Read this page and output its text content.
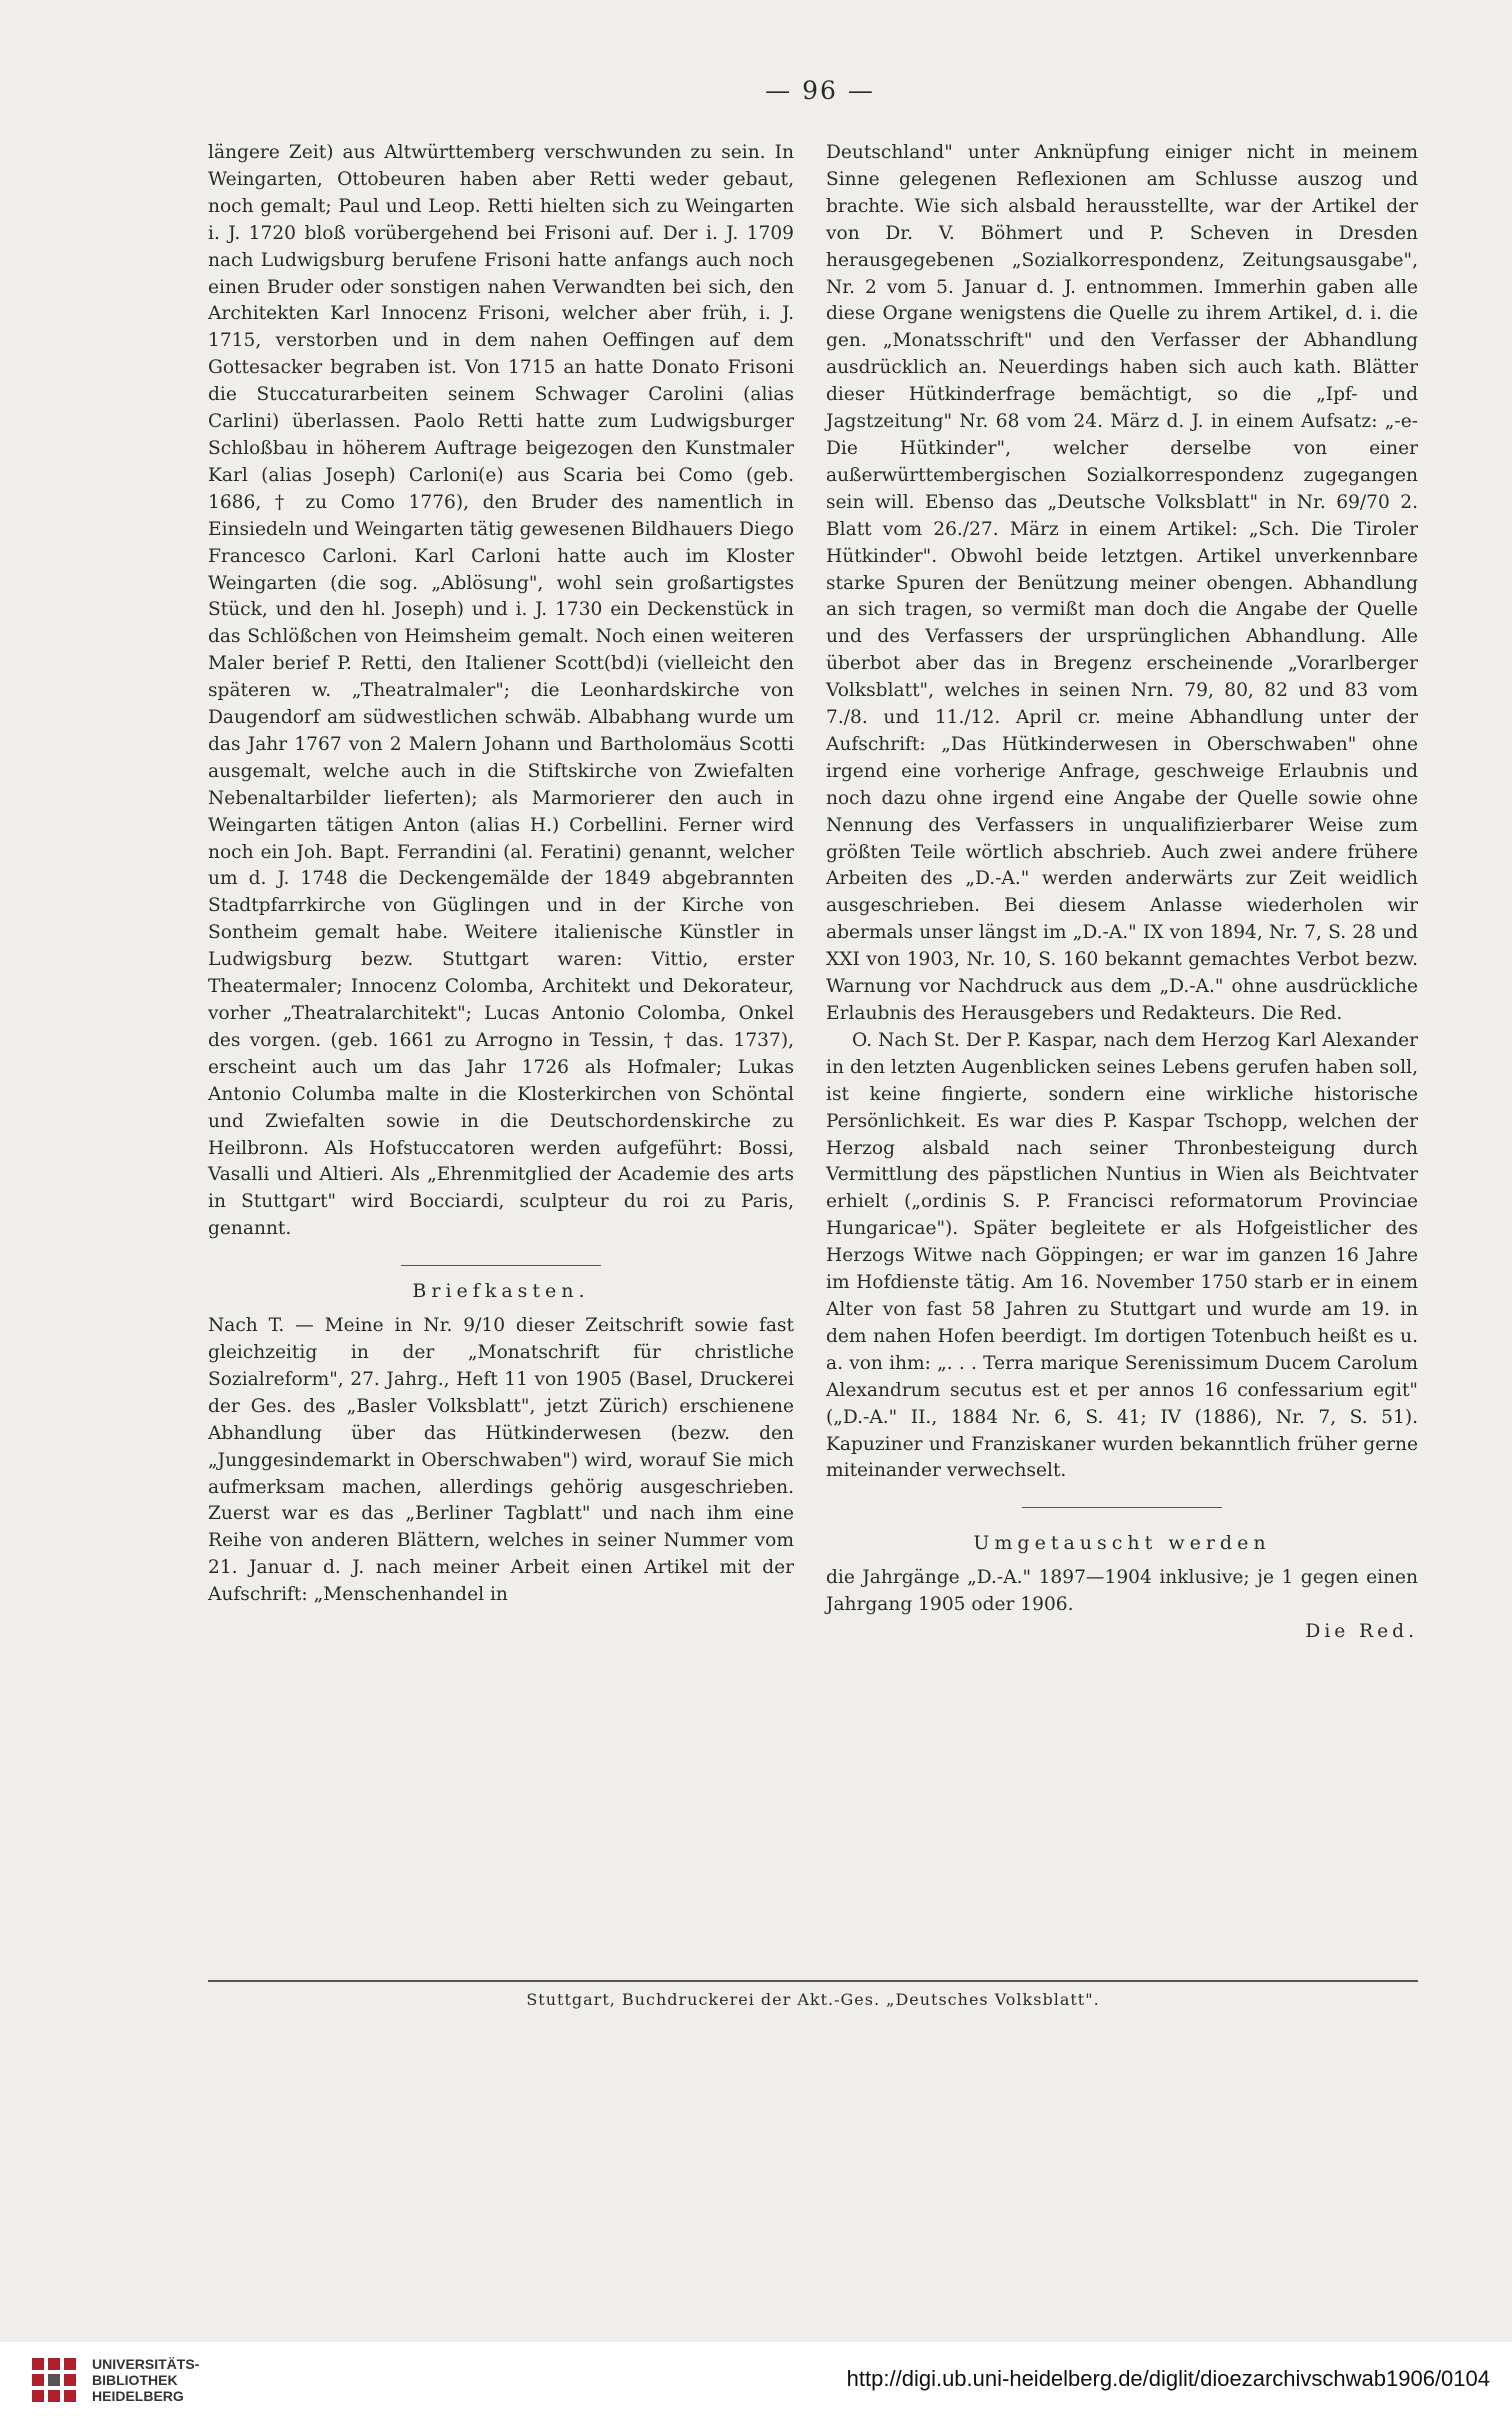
— 96 —

längere Zeit) aus Altwürttemberg verschwunden zu sein. In Weingarten, Ottobeuren haben aber Retti weder gebaut, noch gemalt; Paul und Leop. Retti hielten sich zu Weingarten i. J. 1720 bloß vorübergehend bei Frisoni auf. Der i. J. 1709 nach Ludwigsburg berufene Frisoni hatte anfangs auch noch einen Bruder oder sonstigen nahen Verwandten bei sich, den Architekten Karl Innocenz Frisoni, welcher aber früh, i. J. 1715, verstorben und in dem nahen Oeffingen auf dem Gottesacker begraben ist. Von 1715 an hatte Donato Frisoni die Stuccaturarbeiten seinem Schwager Carolini (alias Carlini) überlassen. Paolo Retti hatte zum Ludwigsburger Schloßbau in höherem Auftrage beigezogen den Kunstmaler Karl (alias Joseph) Carloni(e) aus Scaria bei Como (geb. 1686, † zu Como 1776), den Bruder des namentlich in Einsiedeln und Weingarten tätig gewesenen Bildhauers Diego Francesco Carloni. Karl Carloni hatte auch im Kloster Weingarten (die sog. „Ablösung", wohl sein großartigstes Stück, und den hl. Joseph) und i. J. 1730 ein Deckenstück in das Schlößchen von Heimsheim gemalt. Noch einen weiteren Maler berief P. Retti, den Italiener Scott(bd)i (vielleicht den späteren w. „Theatralmaler"; die Leonhardskirche von Daugendorf am südwestlichen schwäb. Albabhang wurde um das Jahr 1767 von 2 Malern Johann und Bartholomäus Scotti ausgemalt, welche auch in die Stiftskirche von Zwiefalten Nebenaltarbilder lieferten); als Marmorierer den auch in Weingarten tätigen Anton (alias H.) Corbellini. Ferner wird noch ein Joh. Bapt. Ferrandini (al. Feratini) genannt, welcher um d. J. 1748 die Deckengemälde der 1849 abgebrannten Stadtpfarrkirche von Güglingen und in der Kirche von Sontheim gemalt habe. Weitere italienische Künstler in Ludwigsburg bezw. Stuttgart waren: Vittio, erster Theatermaler; Innocenz Colomba, Architekt und Dekorateur, vorher „Theatralarchitekt"; Lucas Antonio Colomba, Onkel des vorgen. (geb. 1661 zu Arrogno in Tessin, † das. 1737), erscheint auch um das Jahr 1726 als Hofmaler; Lukas Antonio Columba malte in die Klosterkirchen von Schöntal und Zwiefalten sowie in die Deutschordenskirche zu Heilbronn. Als Hofstuccatoren werden aufgeführt: Bossi, Vasalli und Altieri. Als „Ehrenmitglied der Academie des arts in Stuttgart" wird Bocciardi, sculpteur du roi zu Paris, genannt.

Briefkasten.

Nach T. — Meine in Nr. 9/10 dieser Zeitschrift sowie fast gleichzeitig in der „Monatschrift für christliche Sozialreform", 27. Jahrg., Heft 11 von 1905 (Basel, Druckerei der Ges. des „Basler Volksblatt", jetzt Zürich) erschienene Abhandlung über das Hütkinderwesen (bezw. den „Junggesindemarkt in Oberschwaben") wird, worauf Sie mich aufmerksam machen, allerdings gehörig ausgeschrieben. Zuerst war es das „Berliner Tagblatt" und nach ihm eine Reihe von anderen Blättern, welches in seiner Nummer vom 21. Januar d. J. nach meiner Arbeit einen Artikel mit der Aufschrift: „Menschenhandel in

Deutschland" unter Anknüpfung einiger nicht in meinem Sinne gelegenen Reflexionen am Schlusse auszog und brachte. Wie sich alsbald herausstellte, war der Artikel der von Dr. V. Böhmert und P. Scheven in Dresden herausgegebenen „Sozialkorrespondenz, Zeitungsausgabe", Nr. 2 vom 5. Januar d. J. entnommen. Immerhin gaben alle diese Organe wenigstens die Quelle zu ihrem Artikel, d. i. die gen. „Monatsschrift" und den Verfasser der Abhandlung ausdrücklich an. Neuerdings haben sich auch kath. Blätter dieser Hütkinderfrage bemächtigt, so die „Ipf- und Jagstzeitung" Nr. 68 vom 24. März d. J. in einem Aufsatz: „-e- Die Hütkinder", welcher derselbe von einer außerwürttembergischen Sozialkorrespondenz zugegangen sein will. Ebenso das „Deutsche Volksblatt" in Nr. 69/70 2. Blatt vom 26./27. März in einem Artikel: „Sch. Die Tiroler Hütkinder". Obwohl beide letztgen. Artikel unverkennbare starke Spuren der Benützung meiner obengen. Abhandlung an sich tragen, so vermißt man doch die Angabe der Quelle und des Verfassers der ursprünglichen Abhandlung. Alle überbot aber das in Bregenz erscheinende „Vorarlberger Volksblatt", welches in seinen Nrn. 79, 80, 82 und 83 vom 7./8. und 11./12. April cr. meine Abhandlung unter der Aufschrift: „Das Hütkinderwesen in Oberschwaben" ohne irgend eine vorherige Anfrage, geschweige Erlaubnis und noch dazu ohne irgend eine Angabe der Quelle sowie ohne Nennung des Verfassers in unqualifizierbarer Weise zum größten Teile wörtlich abschrieb. Auch zwei andere frühere Arbeiten des „D.-A." werden anderwärts zur Zeit weidlich ausgeschrieben. Bei diesem Anlasse wiederholen wir abermals unser längst im „D.-A." IX von 1894, Nr. 7, S. 28 und XXI von 1903, Nr. 10, S. 160 bekannt gemachtes Verbot bezw. Warnung vor Nachdruck aus dem „D.-A." ohne ausdrückliche Erlaubnis des Herausgebers und Redakteurs. Die Red.

O. Nach St. Der P. Kaspar, nach dem Herzog Karl Alexander in den letzten Augenblicken seines Lebens gerufen haben soll, ist keine fingierte, sondern eine wirkliche historische Persönlichkeit. Es war dies P. Kaspar Tschopp, welchen der Herzog alsbald nach seiner Thronbesteigung durch Vermittlung des päpstlichen Nuntius in Wien als Beichtvater erhielt („ordinis S. P. Francisci reformatorum Provinciae Hungaricae"). Später begleitete er als Hofgeistlicher des Herzogs Witwe nach Göppingen; er war im ganzen 16 Jahre im Hofdienste tätig. Am 16. November 1750 starb er in einem Alter von fast 58 Jahren zu Stuttgart und wurde am 19. in dem nahen Hofen beerdigt. Im dortigen Totenbuch heißt es u. a. von ihm: „. . . Terra marique Serenissimum Ducem Carolum Alexandrum secutus est et per annos 16 confessarium egit" („D.-A." II., 1884 Nr. 6, S. 41; IV (1886), Nr. 7, S. 51). Kapuziner und Franziskaner wurden bekanntlich früher gerne miteinander verwechselt.

Umgetauscht werden

die Jahrgänge „D.-A." 1897—1904 inklusive; je 1 gegen einen Jahrgang 1905 oder 1906.

Die Red.

Stuttgart, Buchdruckerei der Akt.-Ges. „Deutsches Volksblatt".
UNIVERSITÄTS-
BIBLIOTHEK
HEIDELBERG
http://digi.ub.uni-heidelberg.de/diglit/dioezarchivschwab1906/0104
